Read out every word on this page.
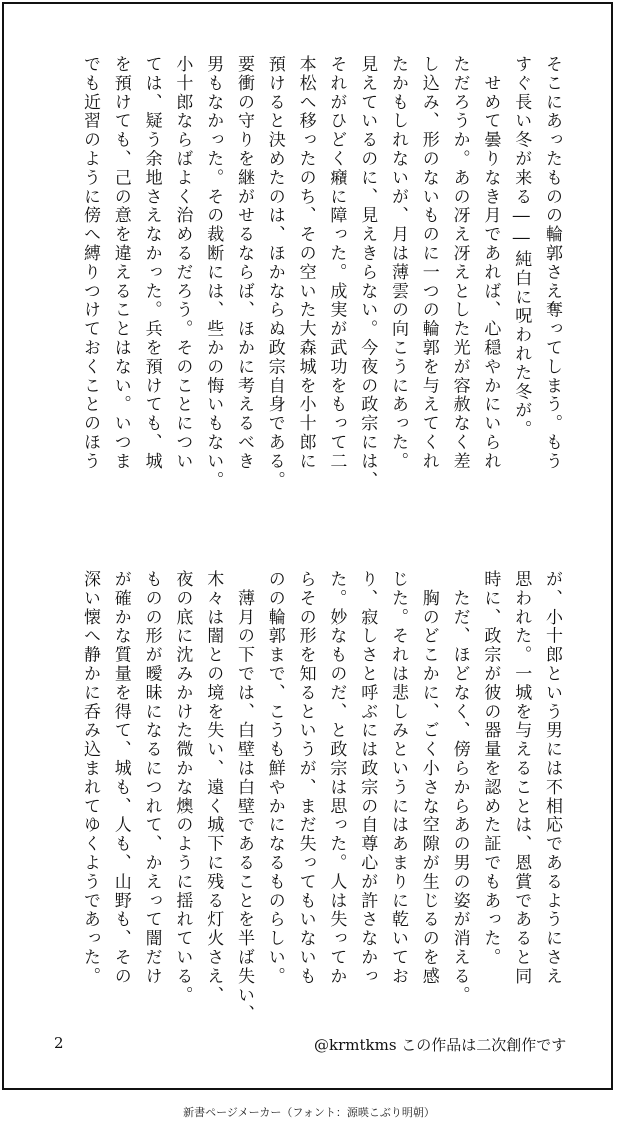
そこにあったものの輪郭さえ奪ってしまう。もう

すぐ長い冬が来る――純白に呪われた冬が。

　せめて曇りなき月であれば、心穏やかにいられ

ただろうか。あの冴え冴えとした光が容赦なく差

し込み、形のないものに一つの輪郭を与えてくれ

たかもしれないが、月は薄雲の向こうにあった。

見えているのに、見えきらない。今夜の政宗には、

それがひどく癪に障った。成実が武功をもって二

本松へ移ったのち、その空いた大森城を小十郎に

預けると決めたのは、ほかならぬ政宗自身である。

要衝の守りを継がせるならば、ほかに考えるべき

男もなかった。その裁断には、些かの悔いもない。

小十郎ならばよく治めるだろう。そのことについ

ては、疑う余地さえなかった。兵を預けても、城

を預けても、己の意を違えることはない。いつま

でも近習のように傍へ縛りつけておくことのほう

が、小十郎という男には不相応であるようにさえ

思われた。一城を与えることは、恩賞であると同

時に、政宗が彼の器量を認めた証でもあった。

　ただ、ほどなく、傍らからあの男の姿が消える。

　胸のどこかに、ごく小さな空隙が生じるのを感

じた。それは悲しみというにはあまりに乾いてお

り、寂しさと呼ぶには政宗の自尊心が許さなかっ

た。妙なものだ、と政宗は思った。人は失ってか

らその形を知るというが、まだ失ってもいないも

のの輪郭まで、こうも鮮やかになるものらしい。

　薄月の下では、白壁は白壁であることを半ば失い、

木々は闇との境を失い、遠く城下に残る灯火さえ、

夜の底に沈みかけた微かな燠のように揺れている。

ものの形が曖昧になるにつれて、かえって闇だけ

が確かな質量を得て、城も、人も、山野も、その

深い懐へ静かに呑み込まれてゆくようであった。

2	@krmtkms この作品は二次創作です
新書ページメーカー（フォント：源暎こぶり明朝）
